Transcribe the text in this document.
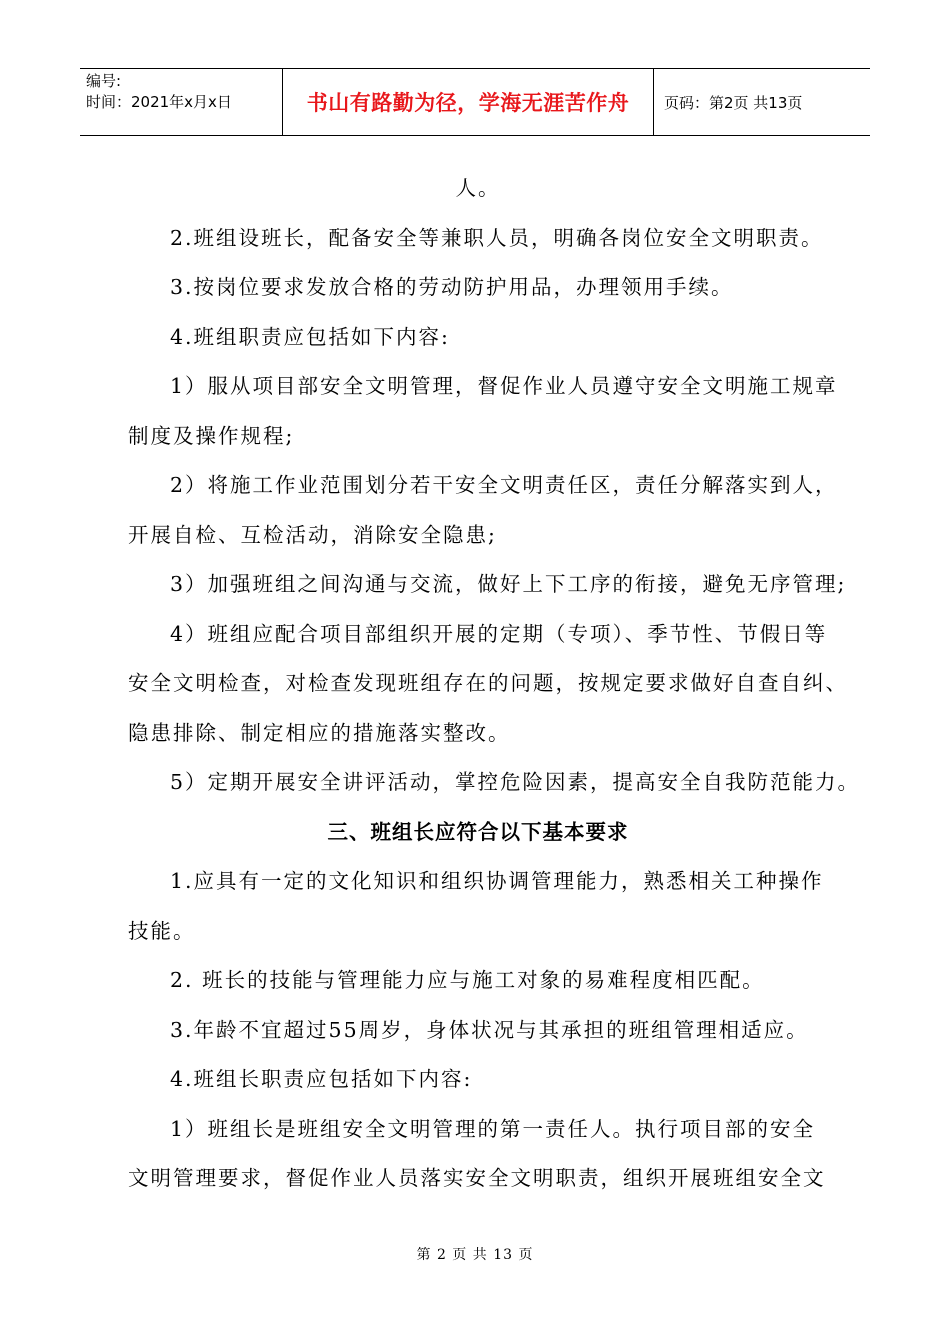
编号:
时间：2021年x月x日	书山有路勤为径，学海无涯苦作舟	页码：第2页 共13页
人。
2.班组设班长，配备安全等兼职人员，明确各岗位安全文明职责。
3.按岗位要求发放合格的劳动防护用品，办理领用手续。
4.班组职责应包括如下内容:
1）服从项目部安全文明管理，督促作业人员遵守安全文明施工规章
制度及操作规程;
2）将施工作业范围划分若干安全文明责任区，责任分解落实到人，
开展自检、互检活动，消除安全隐患;
3）加强班组之间沟通与交流，做好上下工序的衔接，避免无序管理;
4）班组应配合项目部组织开展的定期（专项）、季节性、节假日等
安全文明检查，对检查发现班组存在的问题，按规定要求做好自查自纠、
隐患排除、制定相应的措施落实整改。
5）定期开展安全讲评活动，掌控危险因素，提高安全自我防范能力。
三、班组长应符合以下基本要求
1.应具有一定的文化知识和组织协调管理能力，熟悉相关工种操作
技能。
2. 班长的技能与管理能力应与施工对象的易难程度相匹配。
3.年龄不宜超过55周岁，身体状况与其承担的班组管理相适应。
4.班组长职责应包括如下内容:
1）班组长是班组安全文明管理的第一责任人。执行项目部的安全
文明管理要求，督促作业人员落实安全文明职责，组织开展班组安全文
第 2 页 共 13 页
